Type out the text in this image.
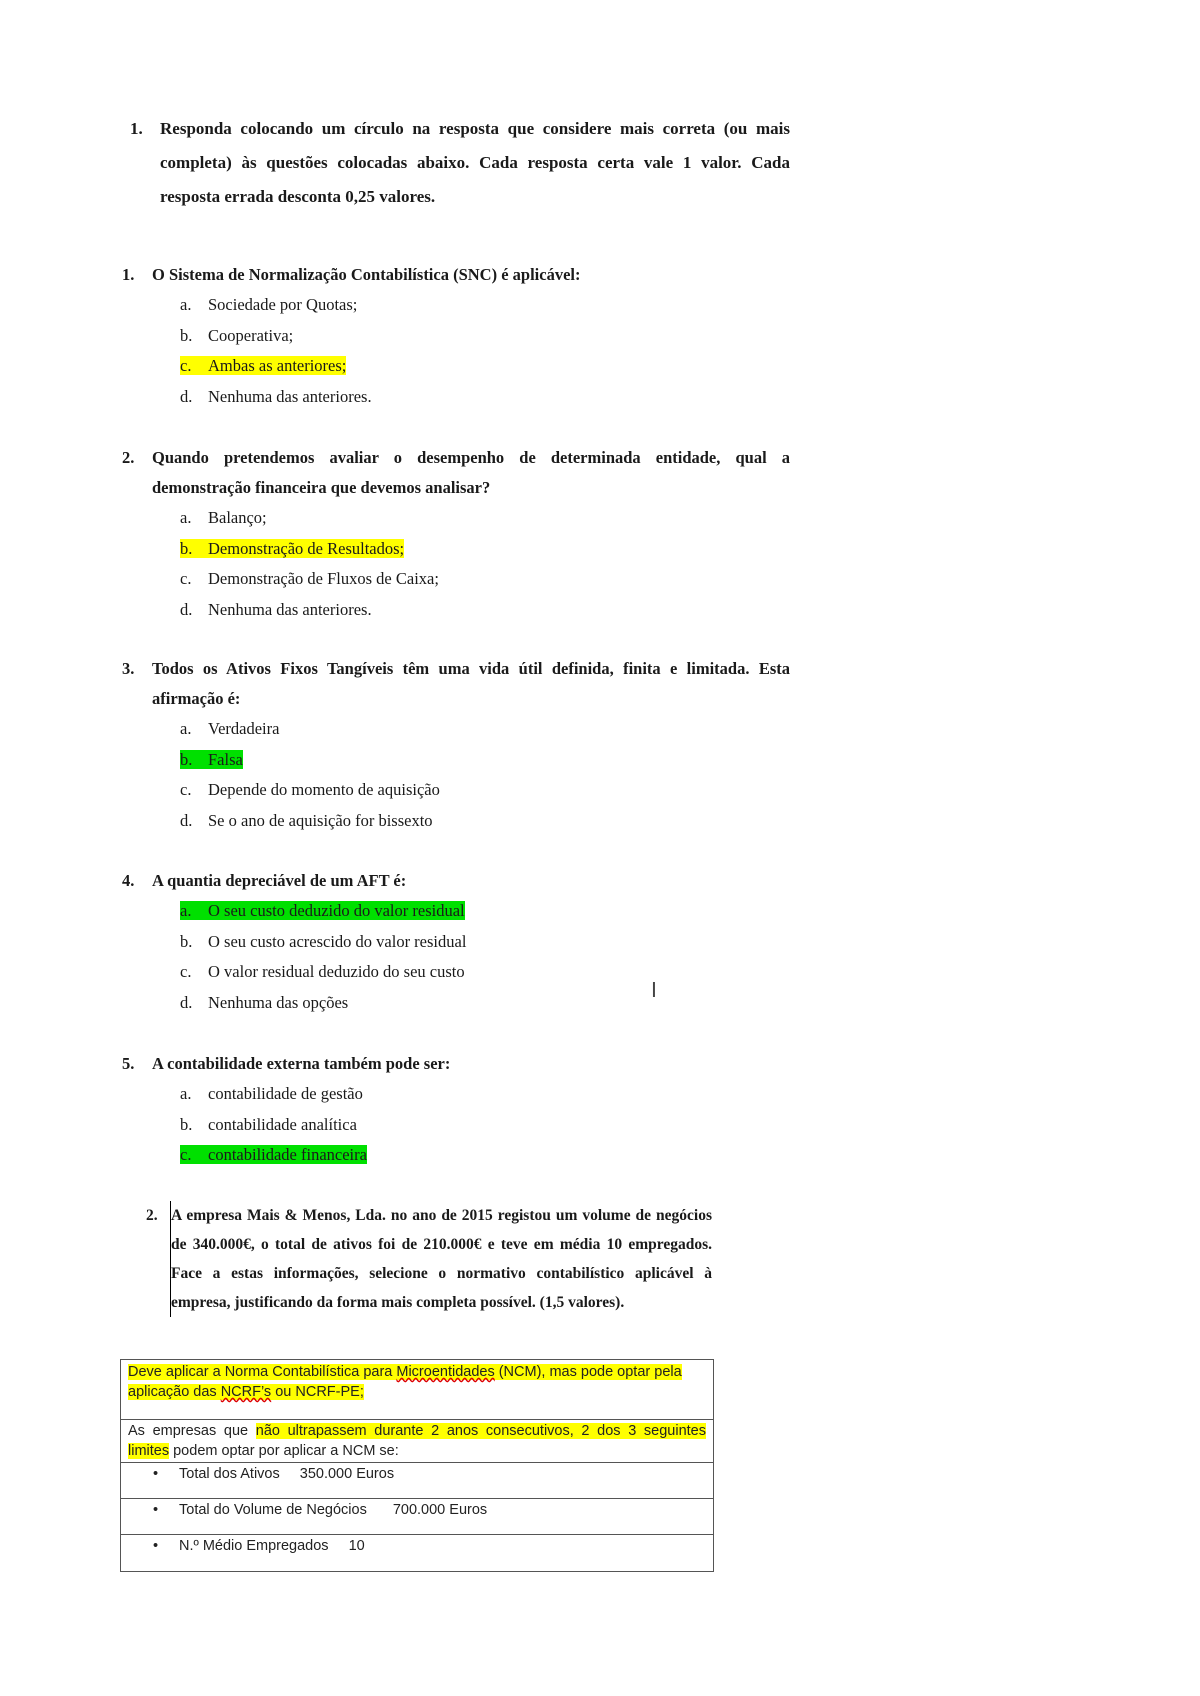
1. Responda colocando um círculo na resposta que considere mais correta (ou mais completa) às questões colocadas abaixo. Cada resposta certa vale 1 valor. Cada resposta errada desconta 0,25 valores.
1. O Sistema de Normalização Contabilística (SNC) é aplicável:
a. Sociedade por Quotas;
b. Cooperativa;
c. Ambas as anteriores;
d. Nenhuma das anteriores.
2. Quando pretendemos avaliar o desempenho de determinada entidade, qual a demonstração financeira que devemos analisar?
a. Balanço;
b. Demonstração de Resultados;
c. Demonstração de Fluxos de Caixa;
d. Nenhuma das anteriores.
3. Todos os Ativos Fixos Tangíveis têm uma vida útil definida, finita e limitada. Esta afirmação é:
a. Verdadeira
b. Falsa
c. Depende do momento de aquisição
d. Se o ano de aquisição for bissexto
4. A quantia depreciável de um AFT é:
a. O seu custo deduzido do valor residual
b. O seu custo acrescido do valor residual
c. O valor residual deduzido do seu custo
d. Nenhuma das opções
5. A contabilidade externa também pode ser:
a. contabilidade de gestão
b. contabilidade analítica
c. contabilidade financeira
2. A empresa Mais & Menos, Lda. no ano de 2015 registou um volume de negócios de 340.000€, o total de ativos foi de 210.000€ e teve em média 10 empregados. Face a estas informações, selecione o normativo contabilístico aplicável à empresa, justificando da forma mais completa possível. (1,5 valores).
Deve aplicar a Norma Contabilística para Microentidades (NCM), mas pode optar pela aplicação das NCRF’s ou NCRF-PE;
As empresas que não ultrapassem durante 2 anos consecutivos, 2 dos 3 seguintes limites podem optar por aplicar a NCM se:
• Total dos Ativos 350.000 Euros
• Total do Volume de Negócios 700.000 Euros
• N.º Médio Empregados 10
I
